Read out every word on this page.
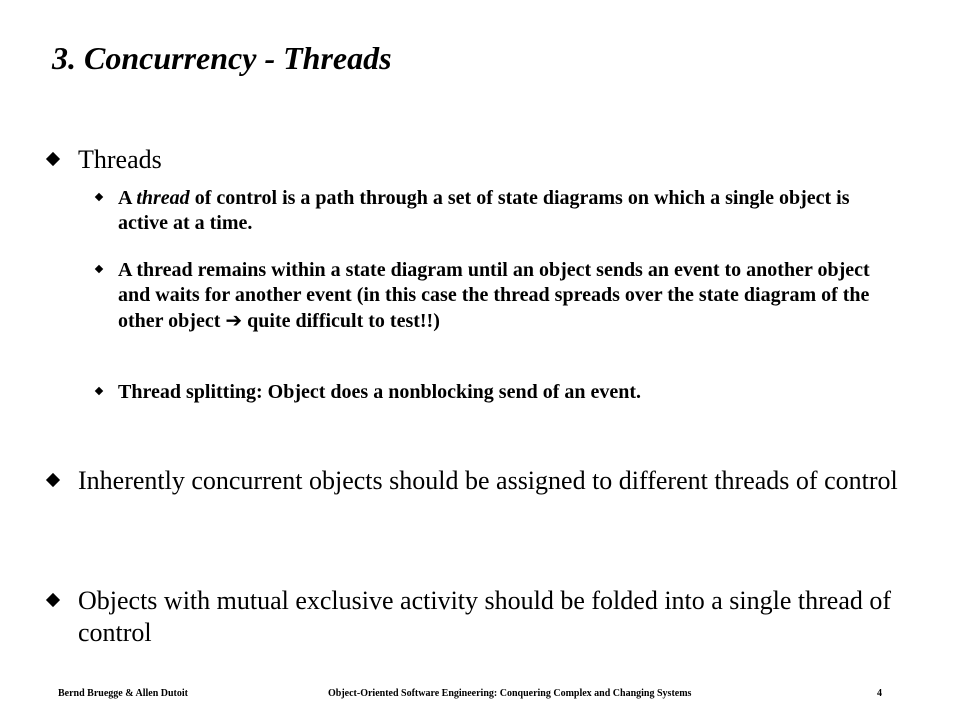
3. Concurrency - Threads
Threads
A thread of control is a path through a set of state diagrams on which a single object is active at a time.
A thread remains within a state diagram until an object sends an event to another object and waits for another event (in this case the thread spreads over the state diagram of the other object ➔ quite difficult to test!!)
Thread splitting: Object does a nonblocking send of an event.
Inherently concurrent objects should be assigned to different threads of control
Objects with mutual exclusive activity should be folded into a single thread of control
Bernd Bruegge & Allen Dutoit	Object-Oriented Software Engineering: Conquering Complex and Changing Systems	4
